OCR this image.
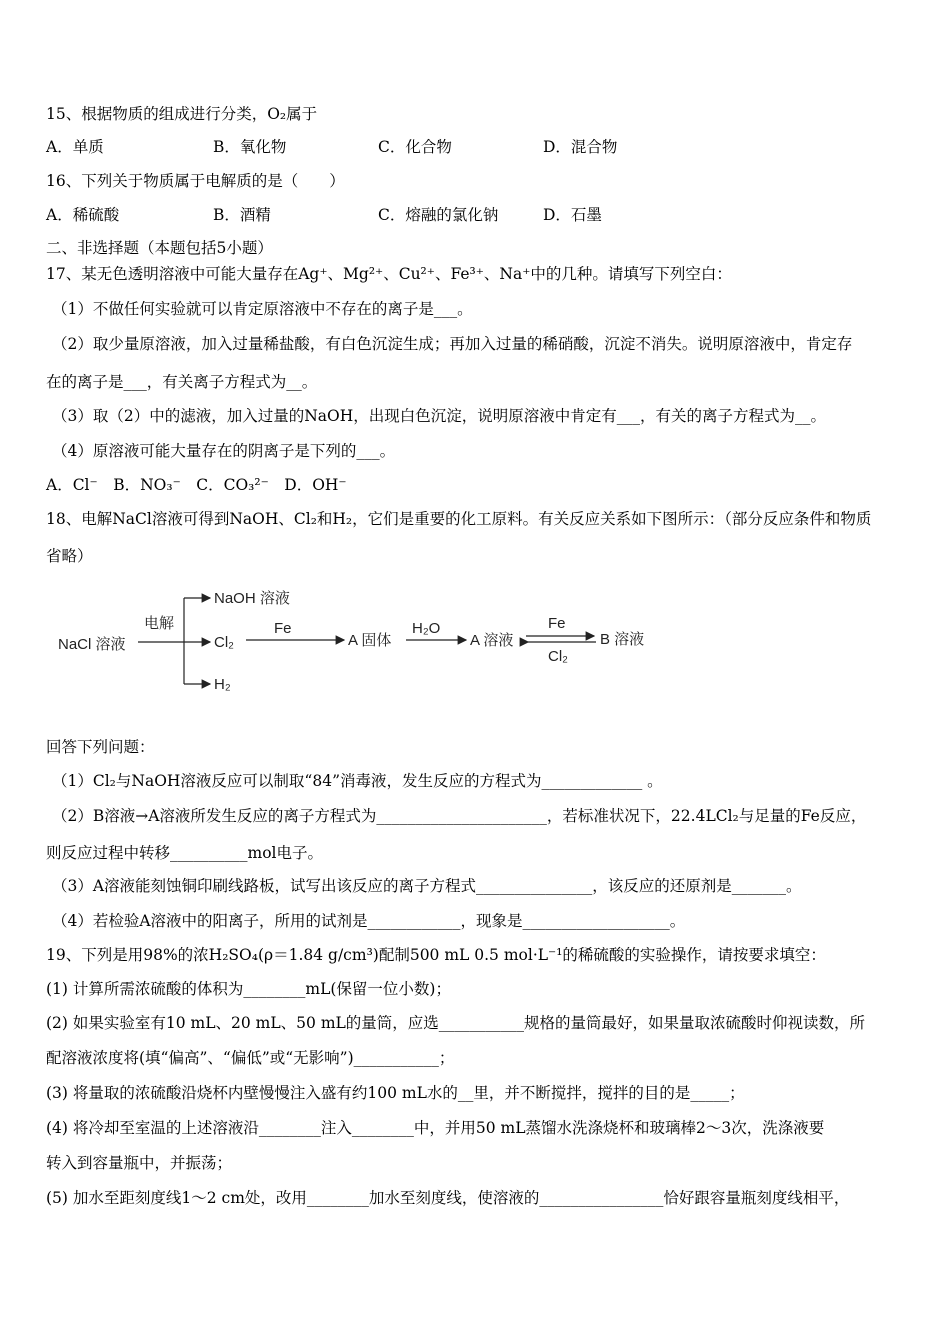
15、根据物质的组成进行分类，O₂属于
A．单质	B．氧化物	C．化合物	D．混合物
16、下列关于物质属于电解质的是（　　）
A．稀硫酸	B．酒精	C．熔融的氯化钠	D．石墨
二、非选择题（本题包括5小题）
17、某无色透明溶液中可能大量存在Ag⁺、Mg²⁺、Cu²⁺、Fe³⁺、Na⁺中的几种。请填写下列空白：
（1）不做任何实验就可以肯定原溶液中不存在的离子是___。
（2）取少量原溶液，加入过量稀盐酸，有白色沉淀生成；再加入过量的稀硝酸，沉淀不消失。说明原溶液中，肯定存
在的离子是___，有关离子方程式为__。
（3）取（2）中的滤液，加入过量的NaOH，出现白色沉淀，说明原溶液中肯定有___，有关的离子方程式为__。
（4）原溶液可能大量存在的阴离子是下列的___。
A．Cl⁻　B．NO₃⁻　C．CO₃²⁻　D．OH⁻
18、电解NaCl溶液可得到NaOH、Cl₂和H₂，它们是重要的化工原料。有关反应关系如下图所示：（部分反应条件和物质
省略）
NaCl 溶液
电解
NaOH 溶液
Cl₂
H₂
Fe
A 固体
H₂O
A 溶液
Fe
Cl₂
B 溶液
回答下列问题：
（1）Cl₂与NaOH溶液反应可以制取“84”消毒液，发生反应的方程式为_____________ 。
（2）B溶液→A溶液所发生反应的离子方程式为______________________，若标准状况下，22.4LCl₂与足量的Fe反应，
则反应过程中转移__________mol电子。
（3）A溶液能刻蚀铜印刷线路板，试写出该反应的离子方程式_______________，该反应的还原剂是_______。
（4）若检验A溶液中的阳离子，所用的试剂是____________，现象是___________________。
19、下列是用98%的浓H₂SO₄(ρ＝1.84 g/cm³)配制500 mL 0.5 mol·L⁻¹的稀硫酸的实验操作，请按要求填空：
(1) 计算所需浓硫酸的体积为________mL(保留一位小数)；
(2) 如果实验室有10 mL、20 mL、50 mL的量筒，应选___________规格的量筒最好，如果量取浓硫酸时仰视读数，所
配溶液浓度将(填“偏高”、“偏低”或“无影响”)___________；
(3) 将量取的浓硫酸沿烧杯内壁慢慢注入盛有约100 mL水的__里，并不断搅拌，搅拌的目的是_____；
(4) 将冷却至室温的上述溶液沿________注入________中，并用50 mL蒸馏水洗涤烧杯和玻璃棒2～3次，洗涤液要
转入到容量瓶中，并振荡；
(5) 加水至距刻度线1～2 cm处，改用________加水至刻度线，使溶液的________________恰好跟容量瓶刻度线相平，
